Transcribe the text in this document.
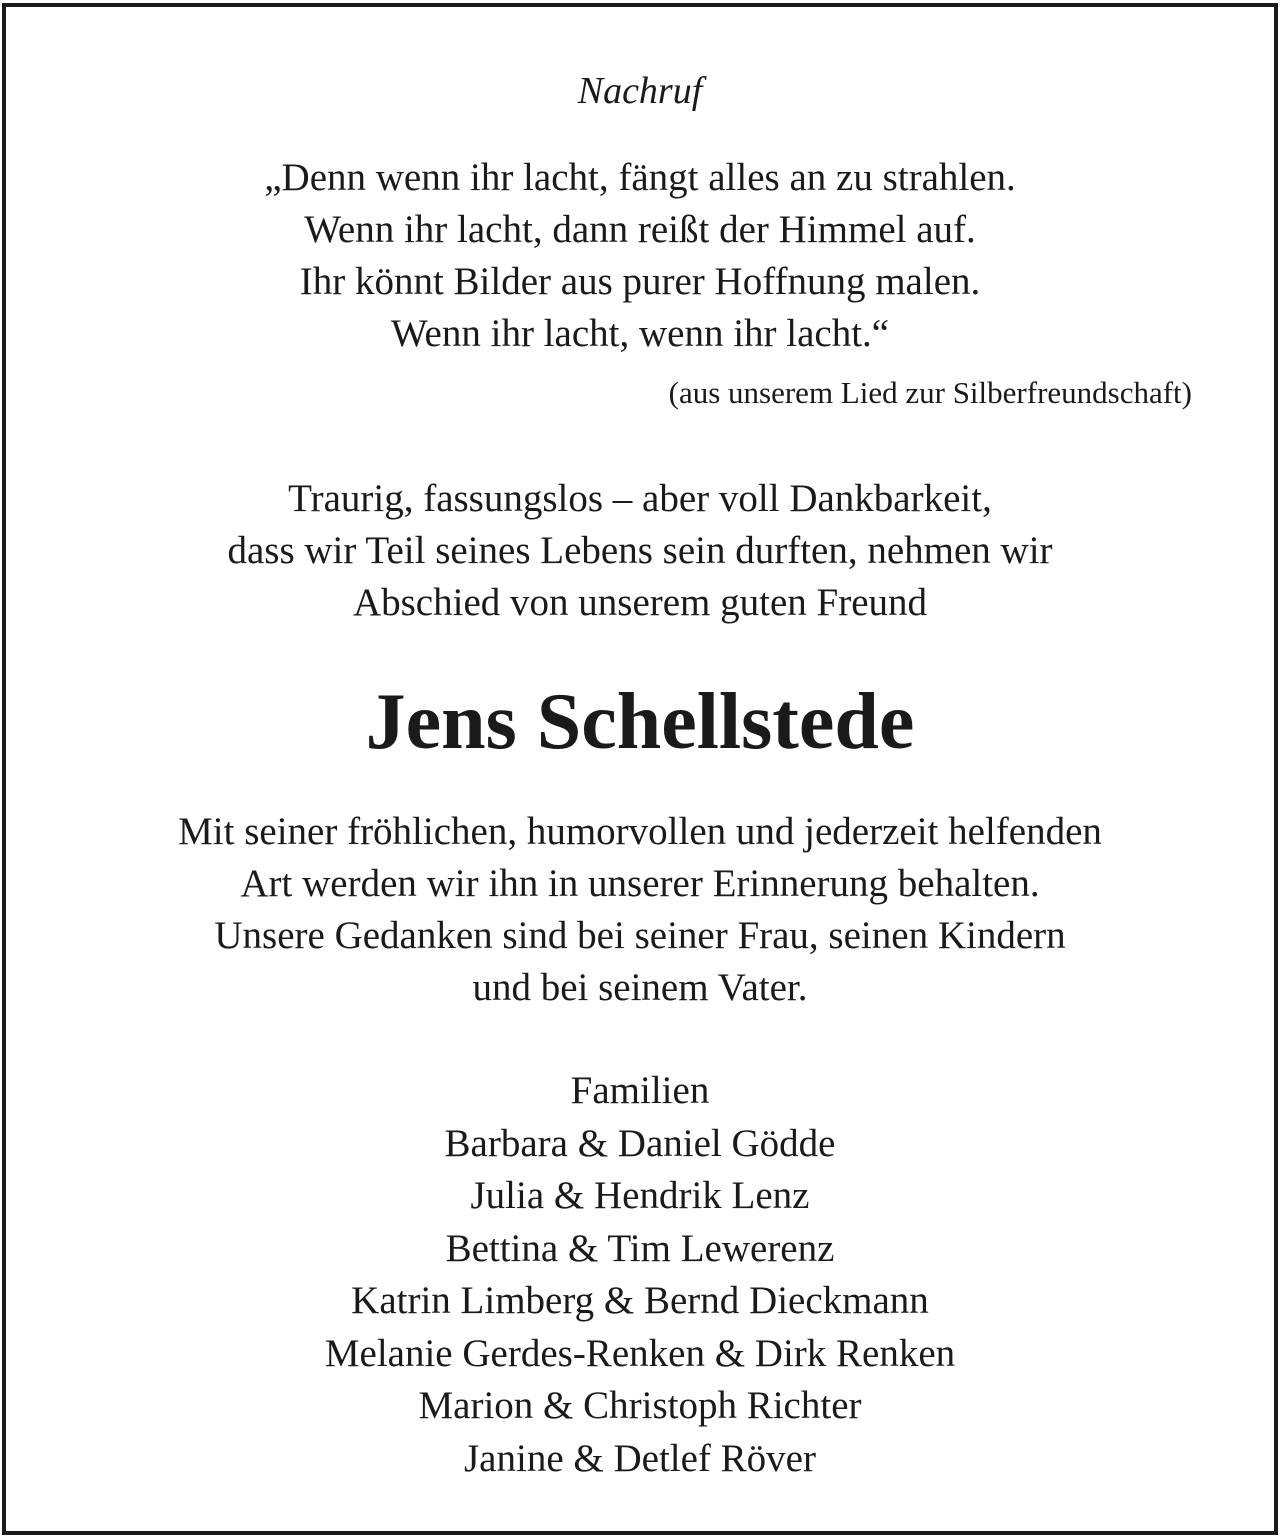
Nachruf
„Denn wenn ihr lacht, fängt alles an zu strahlen.
Wenn ihr lacht, dann reißt der Himmel auf.
Ihr könnt Bilder aus purer Hoffnung malen.
Wenn ihr lacht, wenn ihr lacht.“
(aus unserem Lied zur Silberfreundschaft)
Traurig, fassungslos – aber voll Dankbarkeit,
dass wir Teil seines Lebens sein durften, nehmen wir
Abschied von unserem guten Freund
Jens Schellstede
Mit seiner fröhlichen, humorvollen und jederzeit helfenden
Art werden wir ihn in unserer Erinnerung behalten.
Unsere Gedanken sind bei seiner Frau, seinen Kindern
und bei seinem Vater.
Familien
Barbara & Daniel Gödde
Julia & Hendrik Lenz
Bettina & Tim Lewerenz
Katrin Limberg & Bernd Dieckmann
Melanie Gerdes-Renken & Dirk Renken
Marion & Christoph Richter
Janine & Detlef Röver
